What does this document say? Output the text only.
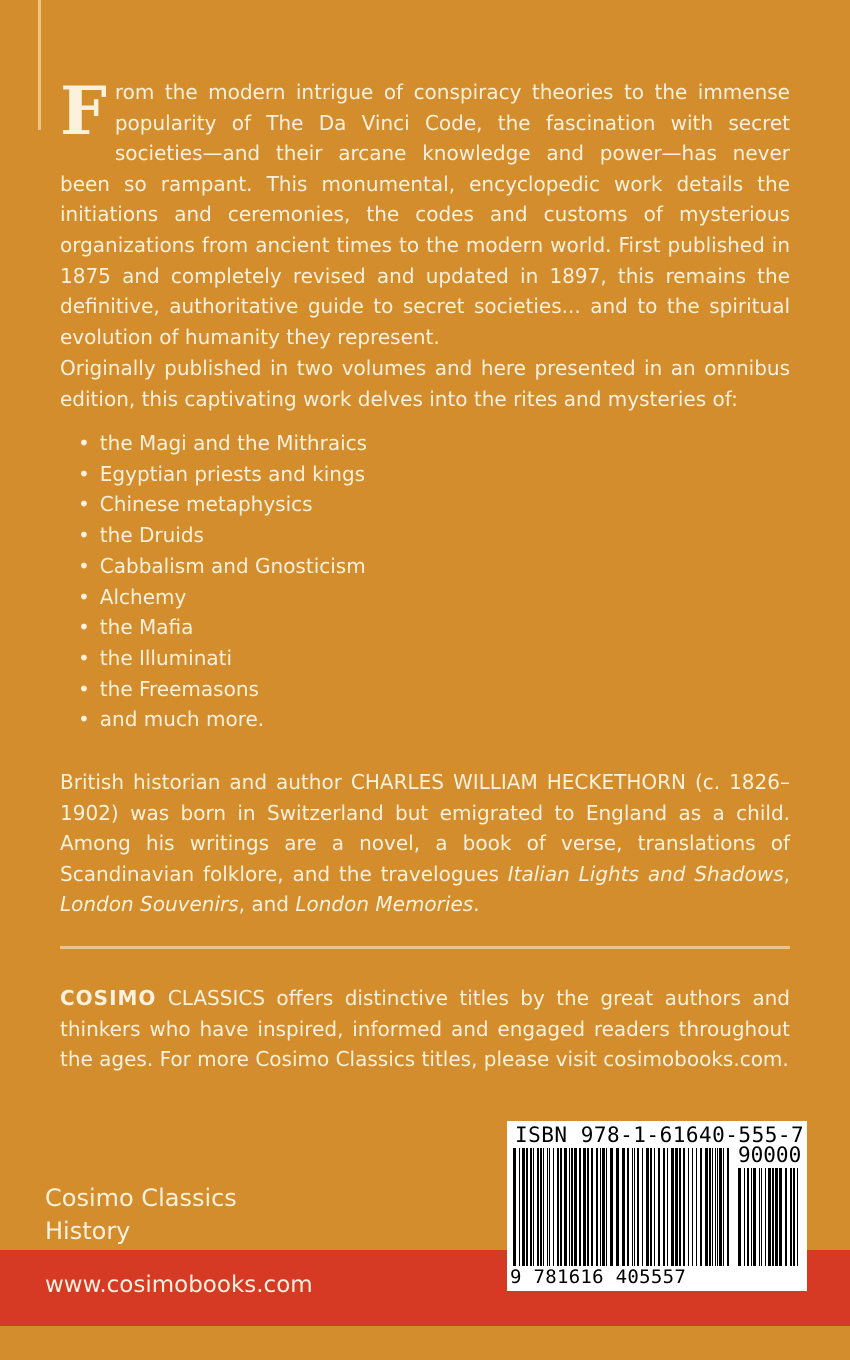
From the modern intrigue of conspiracy theories to the immense popularity of The Da Vinci Code, the fascination with secret societies—and their arcane knowledge and power—has never been so rampant. This monumental, encyclopedic work details the initiations and ceremonies, the codes and customs of mysterious organizations from ancient times to the modern world. First published in 1875 and completely revised and updated in 1897, this remains the definitive, authoritative guide to secret societies... and to the spiritual evolution of humanity they represent.
Originally published in two volumes and here presented in an omnibus edition, this captivating work delves into the rites and mysteries of:
• the Magi and the Mithraics
• Egyptian priests and kings
• Chinese metaphysics
• the Druids
• Cabbalism and Gnosticism
• Alchemy
• the Mafia
• the Illuminati
• the Freemasons
• and much more.
British historian and author CHARLES WILLIAM HECKETHORN (c. 1826–1902) was born in Switzerland but emigrated to England as a child. Among his writings are a novel, a book of verse, translations of Scandinavian folklore, and the travelogues Italian Lights and Shadows, London Souvenirs, and London Memories.
COSIMO CLASSICS offers distinctive titles by the great authors and thinkers who have inspired, informed and engaged readers throughout the ages. For more Cosimo Classics titles, please visit cosimobooks.com.
Cosimo Classics
History
www.cosimobooks.com
ISBN 978-1-61640-555-7
90000
9 781616 405557
